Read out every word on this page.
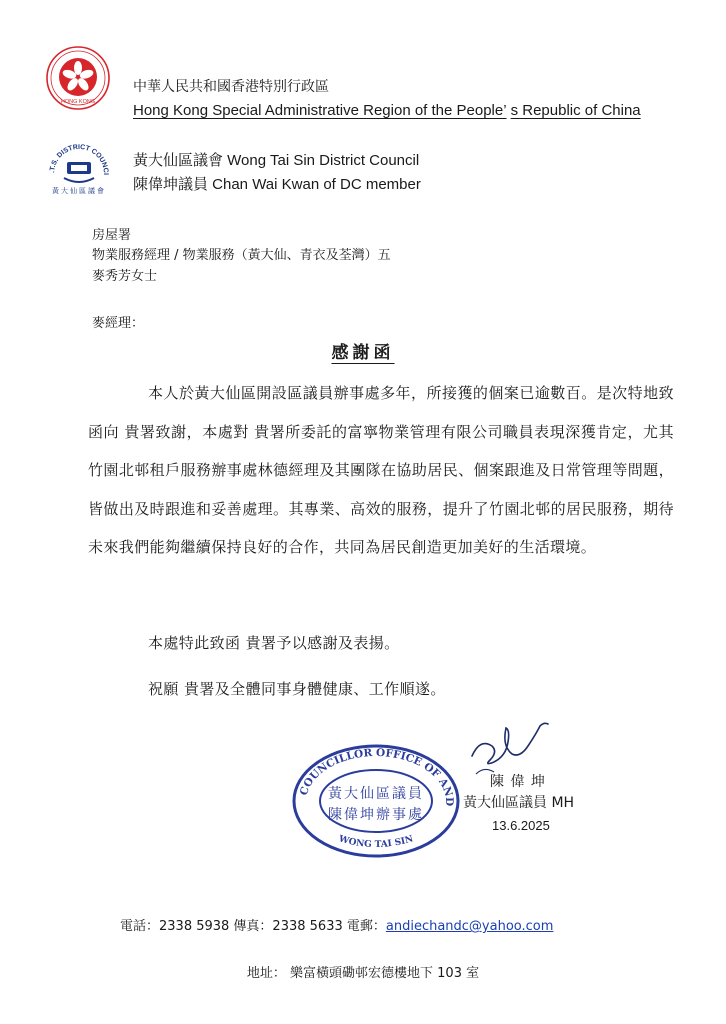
HONG KONG
中華人民共和國香港特別行政區
Hong Kong Special Administrative Region of the People’ s Republic of China
.T.S. DISTRICT COUNCI
黃大仙區議會
黃大仙區議會 Wong Tai Sin District Council
陳偉坤議員 Chan Wai Kwan of DC member
房屋署
物業服務經理 / 物業服務（黃大仙、青衣及荃灣）五
麥秀芳女士
麥經理：
感謝函
本人於黃大仙區開設區議員辦事處多年，所接獲的個案已逾數百。是次特地致函向 貴署致謝，本處對 貴署所委託的富寧物業管理有限公司職員表現深獲肯定，尤其竹園北邨租戶服務辦事處林德經理及其團隊在協助居民、個案跟進及日常管理等問題，皆做出及時跟進和妥善處理。其專業、高效的服務，提升了竹園北邨的居民服務，期待未來我們能夠繼續保持良好的合作，共同為居民創造更加美好的生活環境。
本處特此致函 貴署予以感謝及表揚。
祝願 貴署及全體同事身體健康、工作順遂。
COUNCILLOR OFFICE OF AND
WONG TAI SIN
黃大仙區議員
陳偉坤辦事處
陳 偉 坤
黃大仙區議員 MH
13.6.2025
電話：2338 5938 傳真：2338 5633 電郵：andiechandc@yahoo.com
地址： 樂富橫頭磡邨宏德樓地下 103 室
